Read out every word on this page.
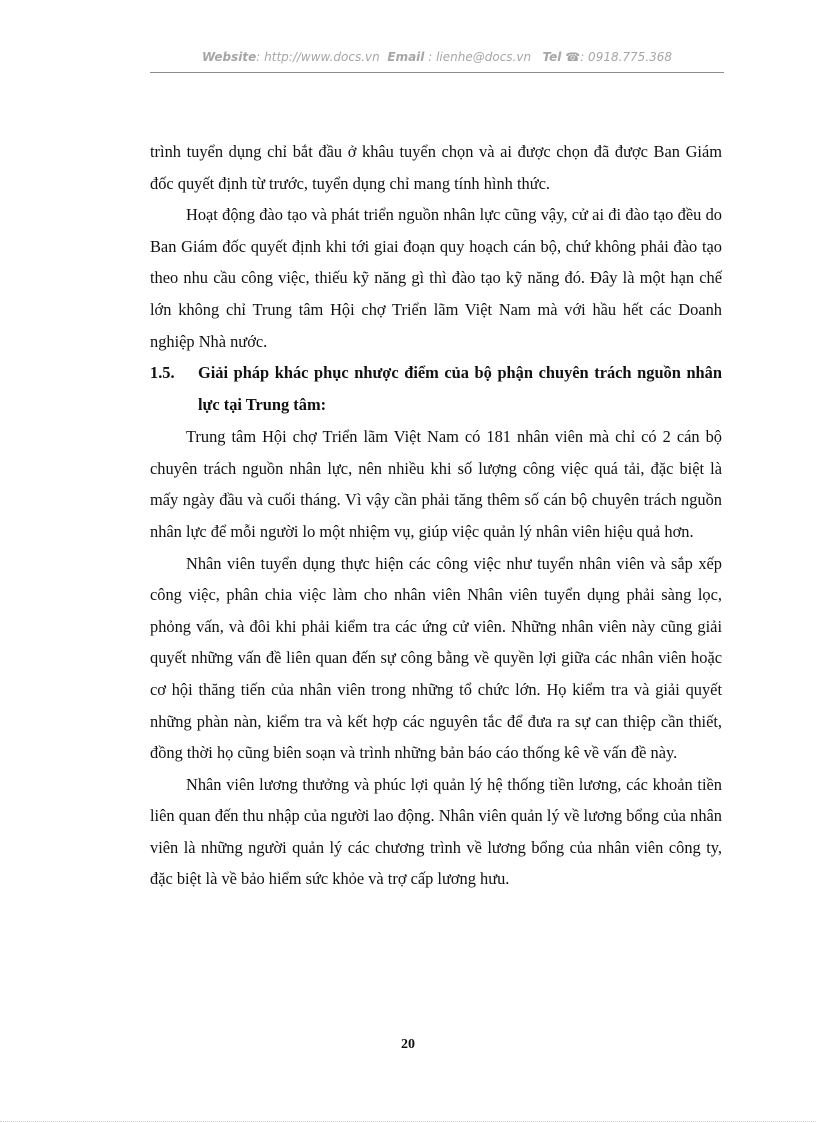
Website: http://www.docs.vn Email : lienhe@docs.vn Tel ☎: 0918.775.368

trình tuyển dụng chỉ bắt đầu ở khâu tuyển chọn và ai được chọn đã được Ban Giám đốc quyết định từ trước, tuyển dụng chỉ mang tính hình thức.

Hoạt động đào tạo và phát triển nguồn nhân lực cũng vậy, cử ai đi đào tạo đều do Ban Giám đốc quyết định khi tới giai đoạn quy hoạch cán bộ, chứ không phải đào tạo theo nhu cầu công việc, thiếu kỹ năng gì thì đào tạo kỹ năng đó. Đây là một hạn chế lớn không chỉ Trung tâm Hội chợ Triển lãm Việt Nam mà với hầu hết các Doanh nghiệp Nhà nước.

1.5.	Giải pháp khác phục nhược điểm của bộ phận chuyên trách nguồn nhân lực tại Trung tâm:

Trung tâm Hội chợ Triển lãm Việt Nam có 181 nhân viên mà chỉ có 2 cán bộ chuyên trách nguồn nhân lực, nên nhiều khi số lượng công việc quá tải, đặc biệt là mấy ngày đầu và cuối tháng. Vì vậy cần phải tăng thêm số cán bộ chuyên trách nguồn nhân lực để mỗi người lo một nhiệm vụ, giúp việc quản lý nhân viên hiệu quả hơn.

Nhân viên tuyển dụng thực hiện các công việc như tuyển nhân viên và sắp xếp công việc, phân chia việc làm cho nhân viên Nhân viên tuyển dụng phải sàng lọc, phỏng vấn, và đôi khi phải kiểm tra các ứng cử viên. Những nhân viên này cũng giải quyết những vấn đề liên quan đến sự công bằng về quyền lợi giữa các nhân viên hoặc cơ hội thăng tiến của nhân viên trong những tổ chức lớn. Họ kiểm tra và giải quyết những phàn nàn, kiểm tra và kết hợp các nguyên tắc để đưa ra sự can thiệp cần thiết, đồng thời họ cũng biên soạn và trình những bản báo cáo thống kê về vấn đề này.

Nhân viên lương thưởng và phúc lợi quản lý hệ thống tiền lương, các khoản tiền liên quan đến thu nhập của người lao động. Nhân viên quản lý về lương bổng của nhân viên là những người quản lý các chương trình về lương bổng của nhân viên công ty, đặc biệt là về bảo hiểm sức khỏe và trợ cấp lương hưu.

20
